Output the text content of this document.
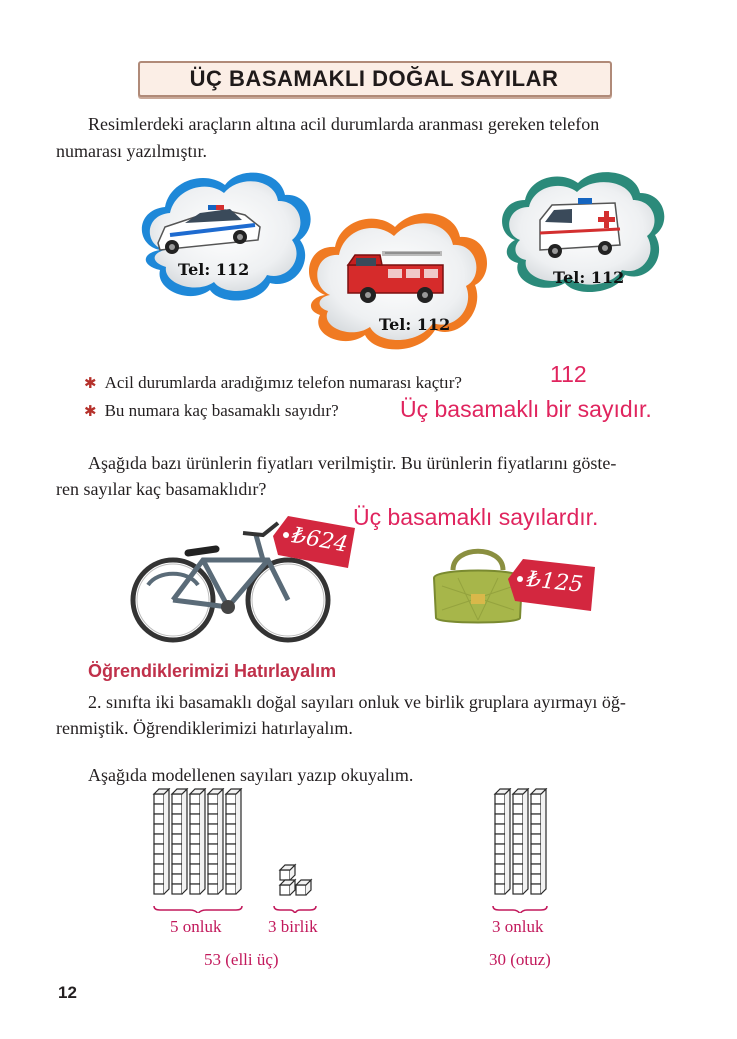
ÜÇ BASAMAKLI DOĞAL SAYILAR
Resimlerdeki araçların altına acil durumlarda aranması gereken telefon
numarası yazılmıştır.
Tel: 112
Tel: 112
Tel: 112
✱ Acil durumlarda aradığımız telefon numarası kaçtır?	112
✱ Bu numara kaç basamaklı sayıdır?	Üç basamaklı bir sayıdır.
Aşağıda bazı ürünlerin fiyatları verilmiştir. Bu ürünlerin fiyatlarını göste-
ren sayılar kaç basamaklıdır?
Üç basamaklı sayılardır.
₺624
₺125
Öğrendiklerimizi Hatırlayalım
2. sınıfta iki basamaklı doğal sayıları onluk ve birlik gruplara ayırmayı öğ-
renmiştik. Öğrendiklerimizi hatırlayalım.
Aşağıda modellenen sayıları yazıp okuyalım.
5 onluk	3 birlik
53 (elli üç)
3 onluk
30 (otuz)
12
